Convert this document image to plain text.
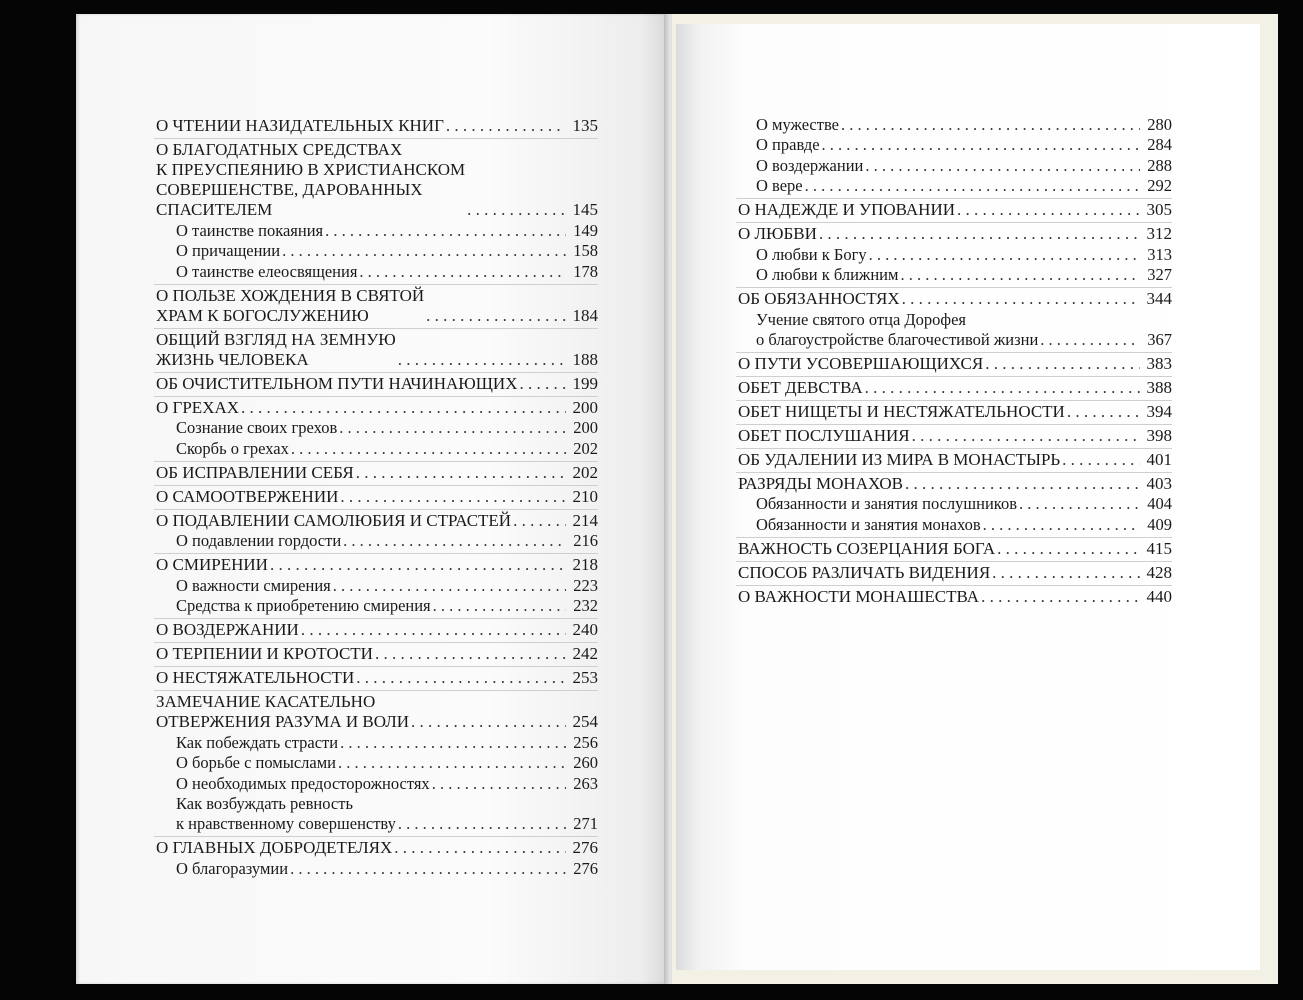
О ЧТЕНИИ НАЗИДАТЕЛЬНЫХ КНИГ . . .	135
О БЛАГОДАТНЫХ СРЕДСТВАХ
К ПРЕУСПЕЯНИЮ В ХРИСТИАНСКОМ
СОВЕРШЕНСТВЕ, ДАРОВАННЫХ
СПАСИТЕЛЕМ . . .	145
О таинстве покаяния . . .	149
О причащении . . .	158
О таинстве елеосвящения . . .	178
О ПОЛЬЗЕ ХОЖДЕНИЯ В СВЯТОЙ
ХРАМ К БОГОСЛУЖЕНИЮ . . .	184
ОБЩИЙ ВЗГЛЯД НА ЗЕМНУЮ
ЖИЗНЬ ЧЕЛОВЕКА . . .	188
ОБ ОЧИСТИТЕЛЬНОМ ПУТИ НАЧИНАЮЩИХ . . .	199
О ГРЕХАХ . . .	200
Сознание своих грехов . . .	200
Скорбь о грехах . . .	202
ОБ ИСПРАВЛЕНИИ СЕБЯ . . .	202
О САМООТВЕРЖЕНИИ . . .	210
О ПОДАВЛЕНИИ САМОЛЮБИЯ И СТРАСТЕЙ . . .	214
О подавлении гордости . . .	216
О СМИРЕНИИ . . .	218
О важности смирения . . .	223
Средства к приобретению смирения . . .	232
О ВОЗДЕРЖАНИИ . . .	240
О ТЕРПЕНИИ И КРОТОСТИ . . .	242
О НЕСТЯЖАТЕЛЬНОСТИ . . .	253
ЗАМЕЧАНИЕ КАСАТЕЛЬНО
ОТВЕРЖЕНИЯ РАЗУМА И ВОЛИ . . .	254
Как побеждать страсти . . .	256
О борьбе с помыслами . . .	260
О необходимых предосторожностях . . .	263
Как возбуждать ревность
к нравственному совершенству . . .	271
О ГЛАВНЫХ ДОБРОДЕТЕЛЯХ . . .	276
О благоразумии . . .	276
О мужестве . . .	280
О правде . . .	284
О воздержании . . .	288
О вере . . .	292
О НАДЕЖДЕ И УПОВАНИИ . . .	305
О ЛЮБВИ . . .	312
О любви к Богу . . .	313
О любви к ближним . . .	327
ОБ ОБЯЗАННОСТЯХ . . .	344
Учение святого отца Дорофея
о благоустройстве благочестивой жизни . . .	367
О ПУТИ УСОВЕРШАЮЩИХСЯ . . .	383
ОБЕТ ДЕВСТВА . . .	388
ОБЕТ НИЩЕТЫ И НЕСТЯЖАТЕЛЬНОСТИ . . .	394
ОБЕТ ПОСЛУШАНИЯ . . .	398
ОБ УДАЛЕНИИ ИЗ МИРА В МОНАСТЫРЬ . . .	401
РАЗРЯДЫ МОНАХОВ . . .	403
Обязанности и занятия послушников . . .	404
Обязанности и занятия монахов . . .	409
ВАЖНОСТЬ СОЗЕРЦАНИЯ БОГА . . .	415
СПОСОБ РАЗЛИЧАТЬ ВИДЕНИЯ . . .	428
О ВАЖНОСТИ МОНАШЕСТВА . . .	440
